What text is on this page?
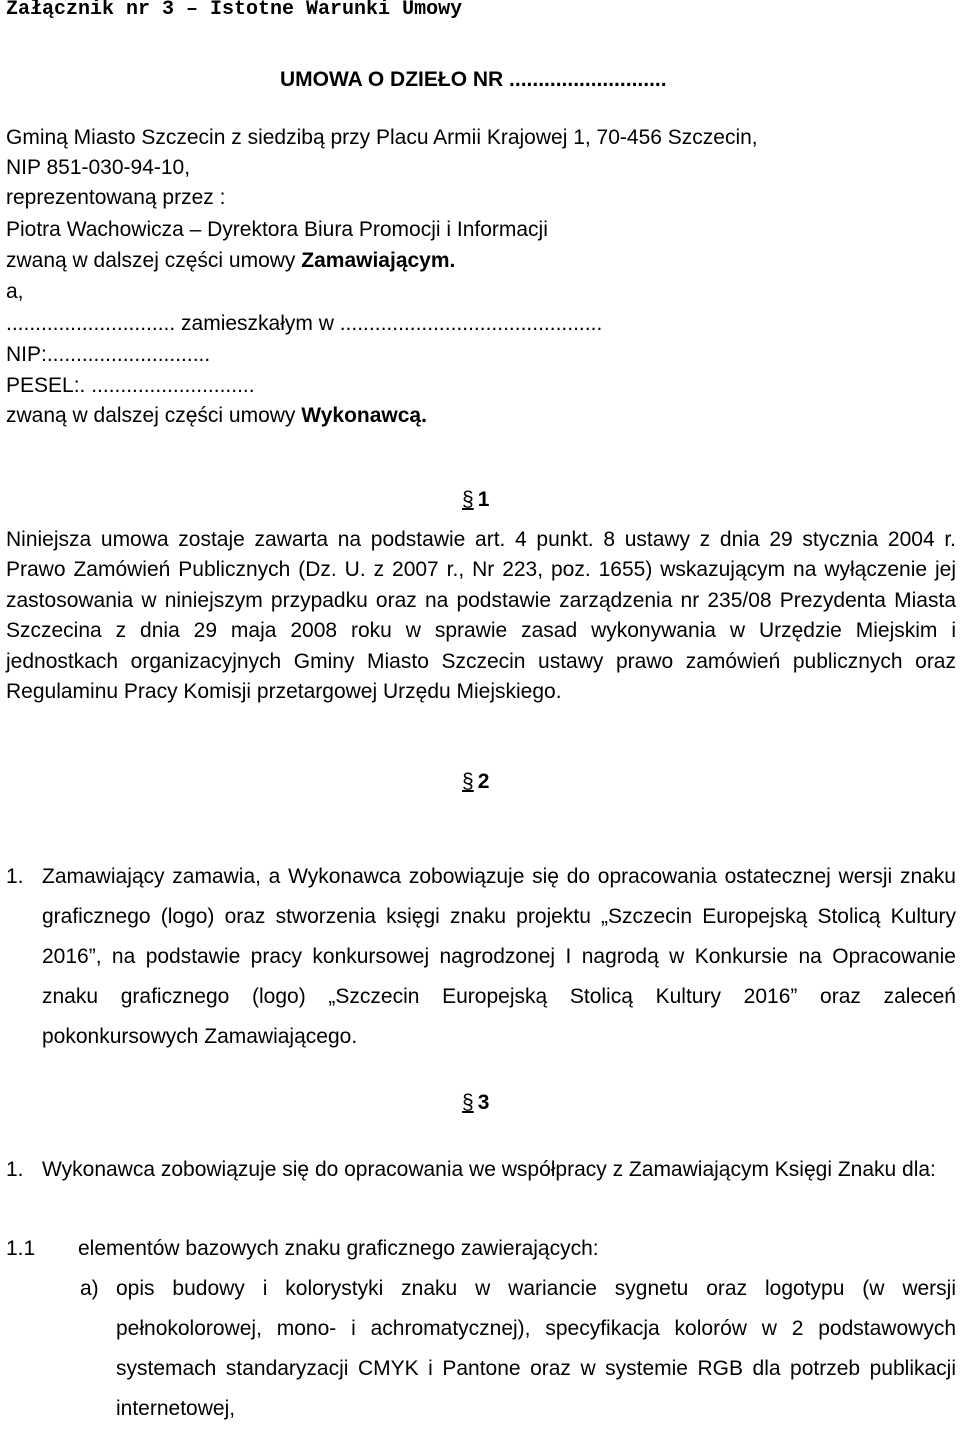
Załącznik nr 3 – Istotne Warunki Umowy
UMOWA O DZIEŁO NR ...........................
Gminą Miasto Szczecin z siedzibą przy Placu Armii Krajowej 1, 70-456 Szczecin,
NIP 851-030-94-10,
reprezentowaną przez :
Piotra Wachowicza – Dyrektora Biura Promocji i Informacji
zwaną w dalszej części umowy Zamawiającym.
a,
............................. zamieszkałym w .............................................
NIP:............................
PESEL:. ............................
zwaną w dalszej części umowy Wykonawcą.
§ 1
Niniejsza umowa zostaje zawarta na podstawie art. 4 punkt. 8 ustawy z dnia 29 stycznia 2004 r. Prawo Zamówień Publicznych (Dz. U. z 2007 r., Nr 223, poz. 1655) wskazującym na wyłączenie jej zastosowania w niniejszym przypadku oraz na podstawie zarządzenia nr 235/08 Prezydenta Miasta Szczecina z dnia 29 maja 2008 roku w sprawie zasad wykonywania w Urzędzie Miejskim i jednostkach organizacyjnych Gminy Miasto Szczecin ustawy prawo zamówień publicznych oraz Regulaminu Pracy Komisji przetargowej Urzędu Miejskiego.
§ 2
1. Zamawiający zamawia, a Wykonawca zobowiązuje się do opracowania ostatecznej wersji znaku graficznego (logo) oraz stworzenia księgi znaku projektu „Szczecin Europejską Stolicą Kultury 2016”, na podstawie pracy konkursowej nagrodzonej I nagrodą w Konkursie na Opracowanie znaku graficznego (logo) „Szczecin Europejską Stolicą Kultury 2016” oraz zaleceń pokonkursowych Zamawiającego.
§ 3
1. Wykonawca zobowiązuje się do opracowania we współpracy z Zamawiającym Księgi Znaku dla:
1.1 elementów bazowych znaku graficznego zawierających:
a) opis budowy i kolorystyki znaku w wariancie sygnetu oraz logotypu (w wersji pełnokolorowej, mono- i achromatycznej), specyfikacja kolorów w 2 podstawowych systemach standaryzacji CMYK i Pantone oraz w systemie RGB dla potrzeb publikacji internetowej,
